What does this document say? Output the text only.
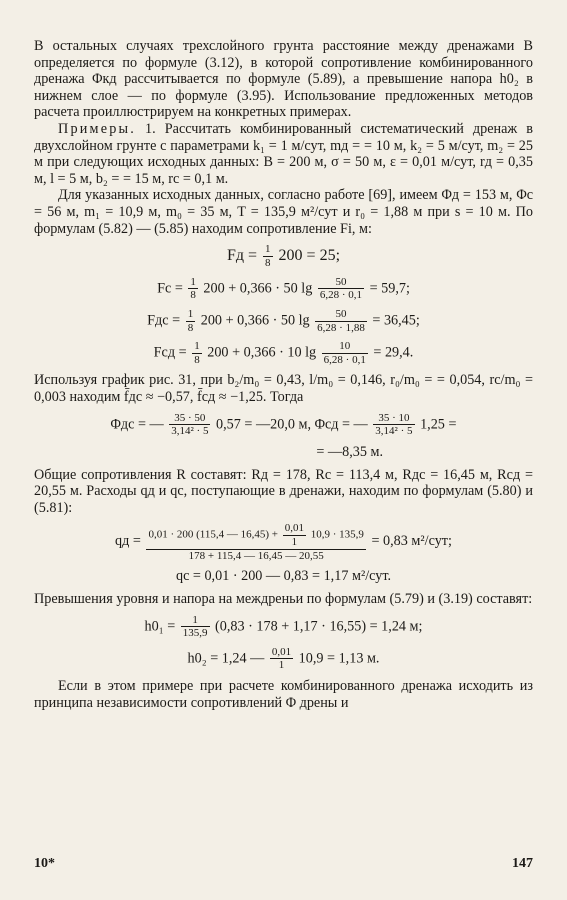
В остальных случаях трехслойного грунта расстояние между дренажами B определяется по формуле (3.12), в которой сопротивление комбинированного дренажа Φкд рассчитывается по формуле (5.89), а превышение напора h0₂ в нижнем слое — по формуле (3.95). Использование предложенных методов расчета проиллюстрируем на конкретных примерах.

Примеры. 1. Рассчитать комбинированный систематический дренаж в двухслойном грунте с параметрами k₁ = 1 м/сут, mд = = 10 м, k₂ = 5 м/сут, m₂ = 25 м при следующих исходных данных: B = 200 м, σ = 50 м, ε = 0,01 м/сут, rд = 0,35 м, l = 5 м, b₂ = = 15 м, rc = 0,1 м.

Для указанных исходных данных, согласно работе [69], имеем Φд = 153 м, Φс = 56 м, m₁ = 10,9 м, m₀ = 35 м, T = 135,9 м²/сут и r₀ = 1,88 м при s = 10 м. По формулам (5.82) — (5.85) находим сопротивление Fi, м:

Fд = $\frac{1}{8} 200 = 25$;
Fс = $\frac{1}{8} 200 + 0,366 \cdot 50$ $\lg \frac{50}{6,28 \cdot 0,1} = 59,7$;
Fдс = $\frac{1}{8} 200 + 0,366 \cdot 50$ $\lg \frac{50}{6,28 \cdot 1,88} = 36,45$;
Fсд = $\frac{1}{8} 200 + 0,366 \cdot 10$ $\lg \frac{10}{6,28 \cdot 0,1} = 29,4$.

Используя график рис. 31, при b₂/m₀ = 0,43, l/m₀ = 0,146, r₀/m₀ = = 0,054, rc/m₀ = 0,003 находим f̄дс ≈ −0,57, f̄сд ≈ −1,25. Тогда

Φдс = — $\frac{35 \cdot 50}{\text{3,14² · 5}} 0,57$ = —20,0 м, Φсд = — $\frac{35 \cdot 10}{\text{3,14² · 5}} 1,25$ =
= —8,35 м.

Общие сопротивления R составят: Rд = 178, Rс = 113,4 м, Rдс = 16,45 м, Rсд = 20,55 м. Расходы qд и qс, поступающие в дренажи, находим по формулам (5.80) и (5.81):

qд = $\frac{0,01 \cdot 200 (115,4 — 16,45) + \frac{0,01}{1} 10,9 \cdot 135,9}{178 + 115,4 — 16,45 — 20,55} = 0,83$ м²/сут;
qс = 0,01 · 200 — 0,83 = 1,17 м²/сут.

Превышения уровня и напора на междреньи по формулам (5.79) и (3.19) составят:

$h0_1 = \frac{1}{135,9} (0,83 \cdot 178 + 1,17 \cdot 16,55) = 1,24$ м;
h0₂ = 1,24 — $\frac{0,01}{1} 10,9 = 1,13$ м.

Если в этом примере при расчете комбинированного дренажа исходить из принципа независимости сопротивлений Φ дрены и

10*	147
